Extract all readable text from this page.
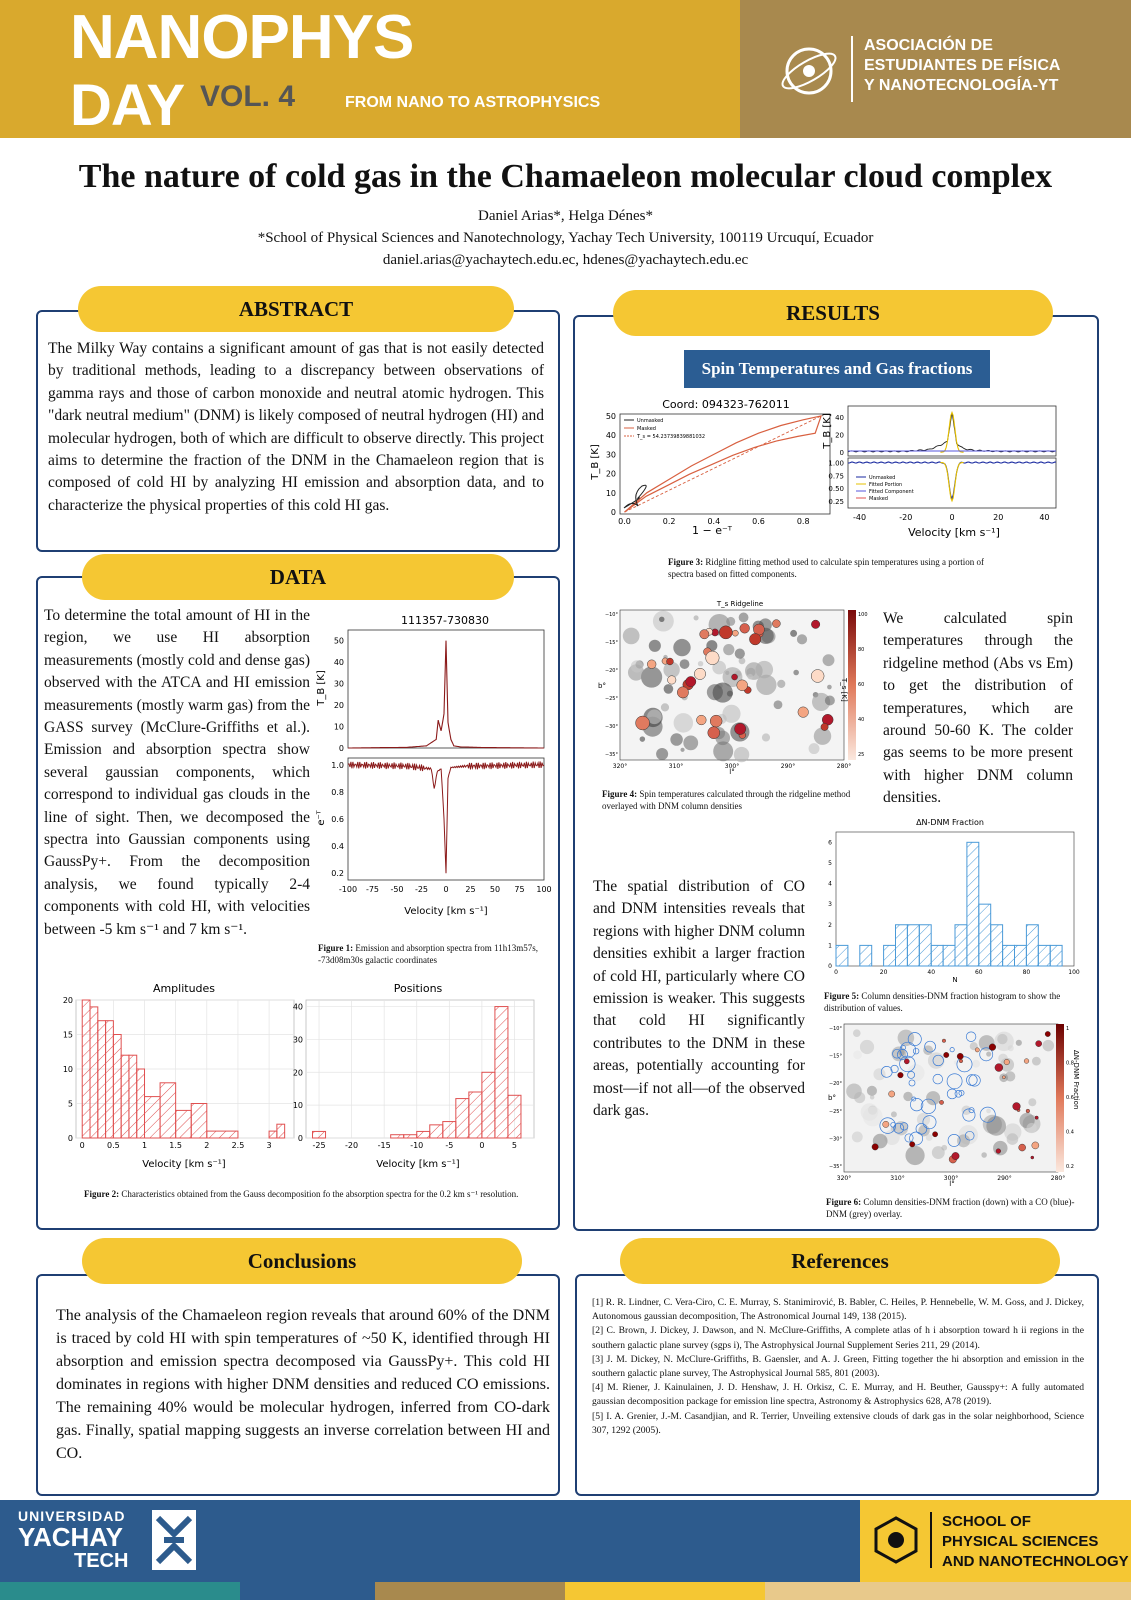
NANOPHYS
DAY VOL. 4	FROM NANO TO ASTROPHYSICS
ASOCIACIÓN DE
ESTUDIANTES DE FÍSICA
Y NANOTECNOLOGÍA-YT
The nature of cold gas in the Chamaeleon molecular cloud complex
Daniel Arias*, Helga Dénes*
*School of Physical Sciences and Nanotechnology, Yachay Tech University, 100119 Urcuquí, Ecuador
daniel.arias@yachaytech.edu.ec, hdenes@yachaytech.edu.ec
ABSTRACT
The Milky Way contains a significant amount of gas that is not easily detected by traditional methods, leading to a discrepancy between observations of gamma rays and those of carbon monoxide and neutral atomic hydrogen. This "dark neutral medium" (DNM) is likely composed of neutral hydrogen (HI) and molecular hydrogen, both of which are difficult to observe directly. This project aims to determine the fraction of the DNM in the Chamaeleon region that is composed of cold HI by analyzing HI emission and absorption data, and to characterize the physical properties of this cold HI gas.
DATA
To determine the total amount of HI in the region, we use HI absorption measurements (mostly cold and dense gas) observed with the ATCA and HI emission measurements (mostly warm gas) from the GASS survey (McClure-Griffiths et al.). Emission and absorption spectra show several gaussian components, which correspond to individual gas clouds in the line of sight. Then, we decomposed the spectra into Gaussian components using GaussPy+. From the decomposition analysis, we found typically 2-4 components with cold HI, with velocities between -5 km s⁻¹ and 7 km s⁻¹.
111357-730830
0
10
20
30
40
50
0.2
0.4
0.6
0.8
1.0
-100 -75 -50 -25 0 25 50 75 100
T_B [K]
e⁻ᵀ
Velocity [km s⁻¹]
Figure 1: Emission and absorption spectra from 11h13m57s, -73d08m30s galactic coordinates
Amplitudes	Positions
0
5
10
15
20
0	0.5	1	1.5	2	2.5	3
0
10
20
30
40
-25 -20 -15 -10	-5	0	5
Velocity [km s⁻¹]	Velocity [km s⁻¹]
Figure 2: Characteristics obtained from the Gauss decomposition fo the absorption spectra for the 0.2 km s⁻¹ resolution.
RESULTS
Spin Temperatures and Gas fractions
Coord: 094323-762011
0.0	0.2	0.4	0.6	0.8
0
10
20
30
40
50
Unmasked
Masked
T_s = 54.23739839881032
T_B [K]
1 − e⁻ᵀ
-40	-20	0	20	40
0
20
40
0.25
0.50
0.75
1.00
Unmasked
Fitted Portion
Fitted Component
Masked
Velocity [km s⁻¹]
T_B [K]
Figure 3: Ridgline fitting method used to calculate spin temperatures using a portion of spectra based on fitted components.
T_s Ridgeline
320°	310°	300°	290°	280°
−10°
−15°
−20°
−25°
−30°
−35°
100
80
60
40
25
T_s [K]
l°
b°
Figure 4: Spin temperatures calculated through the ridgeline method overlayed with DNM column densities
We calculated spin temperatures through the ridgeline method (Abs vs Em) to get the distribution of temperatures, which are around 50-60 K. The colder gas seems to be more present with higher DNM column densities.
ΔN-DNM Fraction
0	20	40	60	80	100
0
1
2
3
4
5
6
N
Figure 5: Column densities-DNM fraction histogram to show the distribution of values.
The spatial distribution of CO and DNM intensities reveals that regions with higher DNM column densities exhibit a larger fraction of cold HI, particularly where CO emission is weaker. This suggests that cold HI significantly contributes to the DNM in these areas, potentially accounting for most—if not all—of the observed dark gas.
320°	310°	300°	290°	280°
−10°
−15°
−20°
−25°
−30°
−35°
1
0.8
0.6
0.4
0.2
ΔN-DNM Fraction
l°
b°
Figure 6: Column densities-DNM fraction (down) with a CO (blue)-DNM (grey) overlay.
Conclusions
The analysis of the Chamaeleon region reveals that around 60% of the DNM is traced by cold HI with spin temperatures of ~50 K, identified through HI absorption and emission spectra decomposed via GaussPy+. This cold HI dominates in regions with higher DNM densities and reduced CO emissions. The remaining 40% would be molecular hydrogen, inferred from CO-dark gas. Finally, spatial mapping suggests an inverse correlation between HI and CO.
References

[1] R. R. Lindner, C. Vera-Ciro, C. E. Murray, S. Stanimirović, B. Babler, C. Heiles, P. Hennebelle, W. M. Goss, and J. Dickey, Autonomous gaussian decomposition, The Astronomical Journal 149, 138 (2015).

[2] C. Brown, J. Dickey, J. Dawson, and N. McClure-Griffiths, A complete atlas of h i absorption toward h ii regions in the southern galactic plane survey (sgps i), The Astrophysical Journal Supplement Series 211, 29 (2014).

[3] J. M. Dickey, N. McClure-Griffiths, B. Gaensler, and A. J. Green, Fitting together the hi absorption and emission in the southern galactic plane survey, The Astrophysical Journal 585, 801 (2003).

[4] M. Riener, J. Kainulainen, J. D. Henshaw, J. H. Orkisz, C. E. Murray, and H. Beuther, Gausspy+: A fully automated gaussian decomposition package for emission line spectra, Astronomy & Astrophysics 628, A78 (2019).

[5] I. A. Grenier, J.-M. Casandjian, and R. Terrier, Unveiling extensive clouds of dark gas in the solar neighborhood, Science 307, 1292 (2005).

UNIVERSIDAD
YACHAY
TECH
SCHOOL OF
PHYSICAL SCIENCES
AND NANOTECHNOLOGY
